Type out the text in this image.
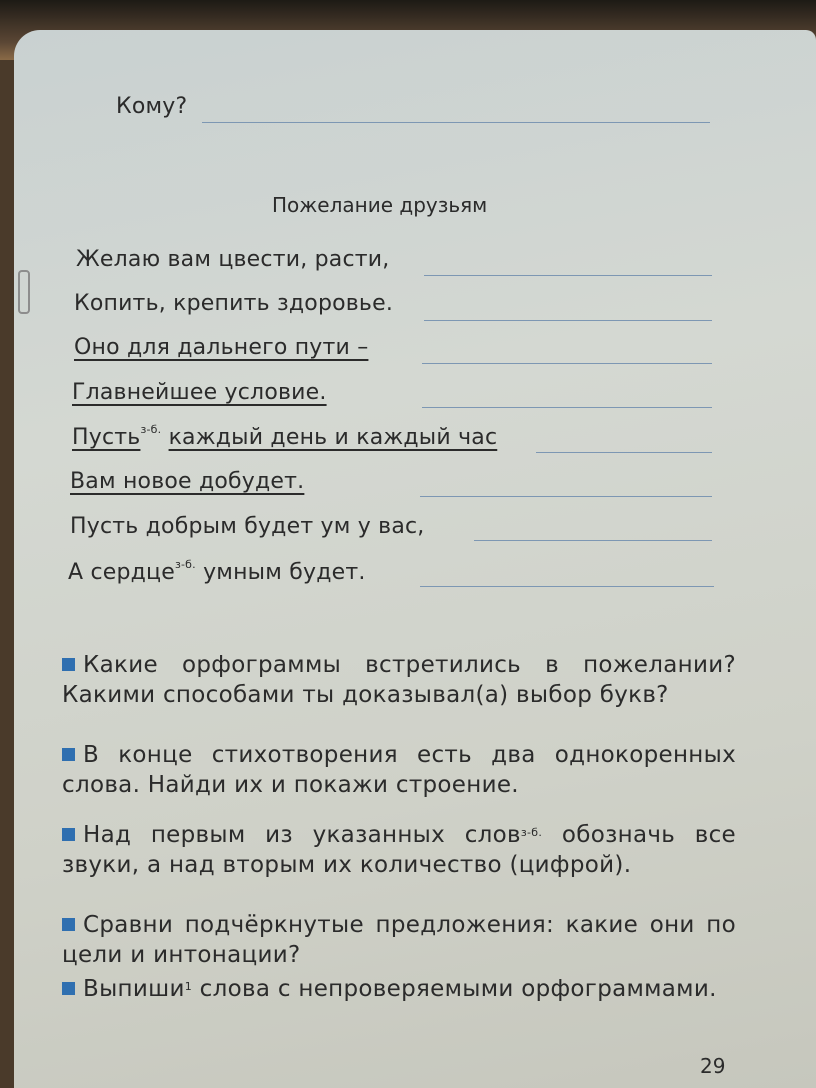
Кому?
Пожелание друзьям
Желаю вам цвести, расти,
Копить, крепить здоровье.
Оно для дальнего пути –
Главнейшее условие.
Пусть$^{з-б.}$ каждый день и каждый час
Вам новое добудет.
Пусть добрым будет ум у вас,
А сердце$^{з-б.}$ умным будет.
Какие орфограммы встретились в пожелании? Какими способами ты доказывал(а) выбор букв?
В конце стихотворения есть два однокоренных слова. Найди их и покажи строение.
Над первым из указанных слов$^{з-б.}$ обозначь все звуки, а над вторым их количество (цифрой).
Сравни подчёркнутые предложения: какие они по цели и интонации?
Выпиши$^1$ слова с непроверяемыми орфограммами.
29
